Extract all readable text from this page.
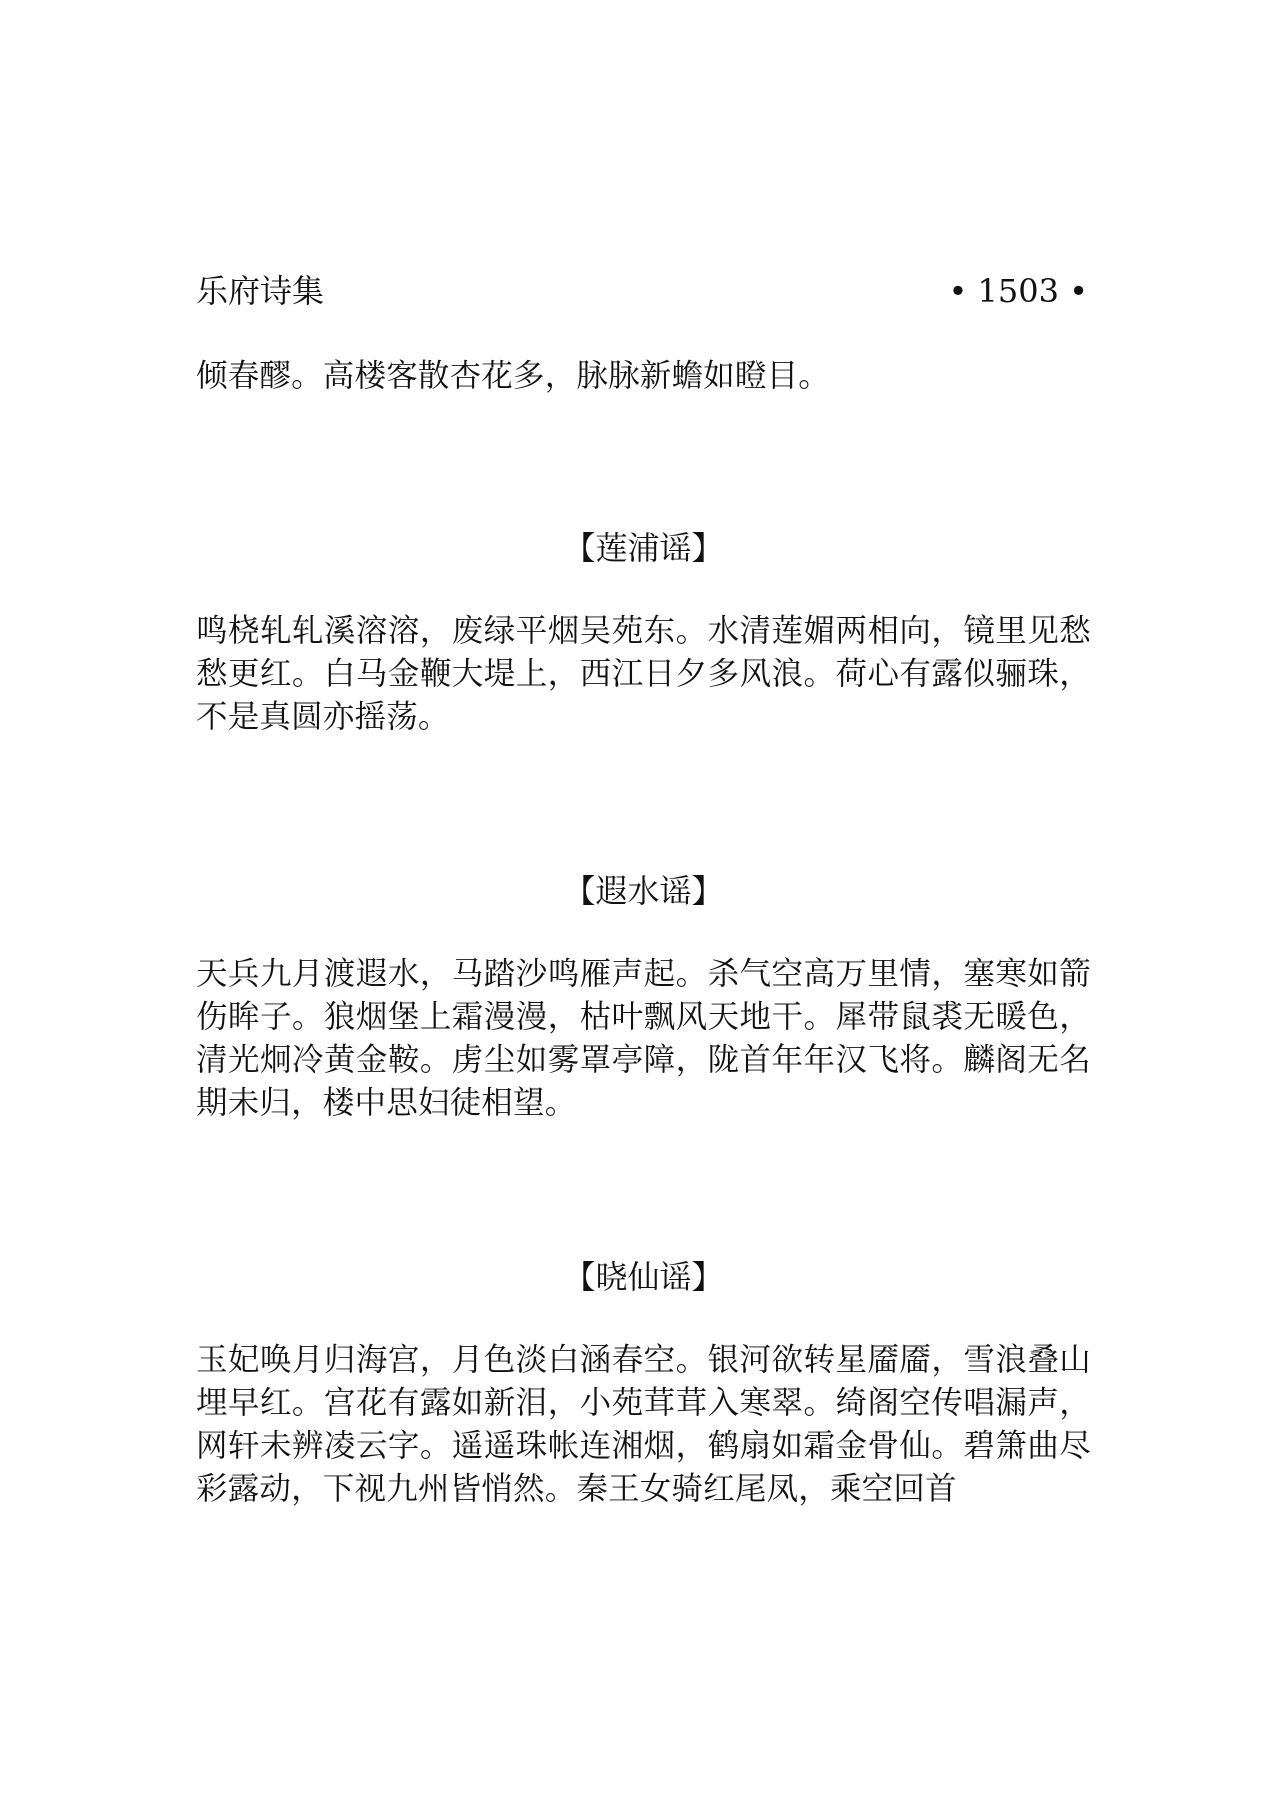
乐府诗集	• 1503 •

倾春醪。高楼客散杏花多，脉脉新蟾如瞪目。

【莲浦谣】

鸣桡轧轧溪溶溶，废绿平烟吴苑东。水清莲媚两相向，镜里见愁愁更红。白马金鞭大堤上，西江日夕多风浪。荷心有露似骊珠，不是真圆亦摇荡。

【遐水谣】

天兵九月渡遐水，马踏沙鸣雁声起。杀气空高万里情，塞寒如箭伤眸子。狼烟堡上霜漫漫，枯叶飘风天地干。犀带鼠裘无暖色，清光炯冷黄金鞍。虏尘如雾罩亭障，陇首年年汉飞将。麟阁无名期未归，楼中思妇徒相望。

【晓仙谣】

玉妃唤月归海宫，月色淡白涵春空。银河欲转星靥靥，雪浪叠山埋早红。宫花有露如新泪，小苑茸茸入寒翠。绮阁空传唱漏声，网轩未辨凌云字。遥遥珠帐连湘烟，鹤扇如霜金骨仙。碧箫曲尽彩露动，下视九州皆悄然。秦王女骑红尾凤，乘空回首
